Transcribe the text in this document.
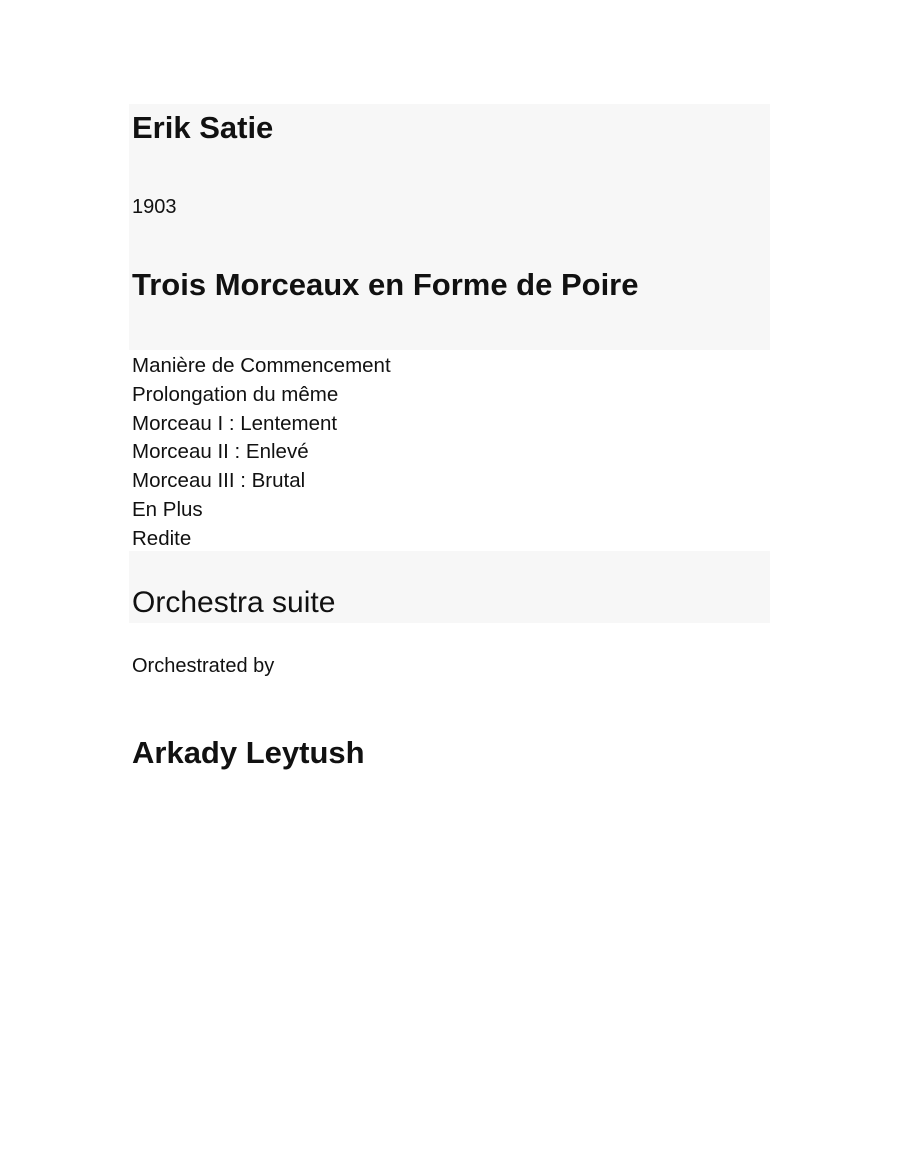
Erik Satie
1903
Trois Morceaux en Forme de Poire
Manière de Commencement
Prolongation du même
Morceau I : Lentement
Morceau II : Enlevé
Morceau III : Brutal
En Plus
Redite
Orchestra suite
Orchestrated by
Arkady Leytush
